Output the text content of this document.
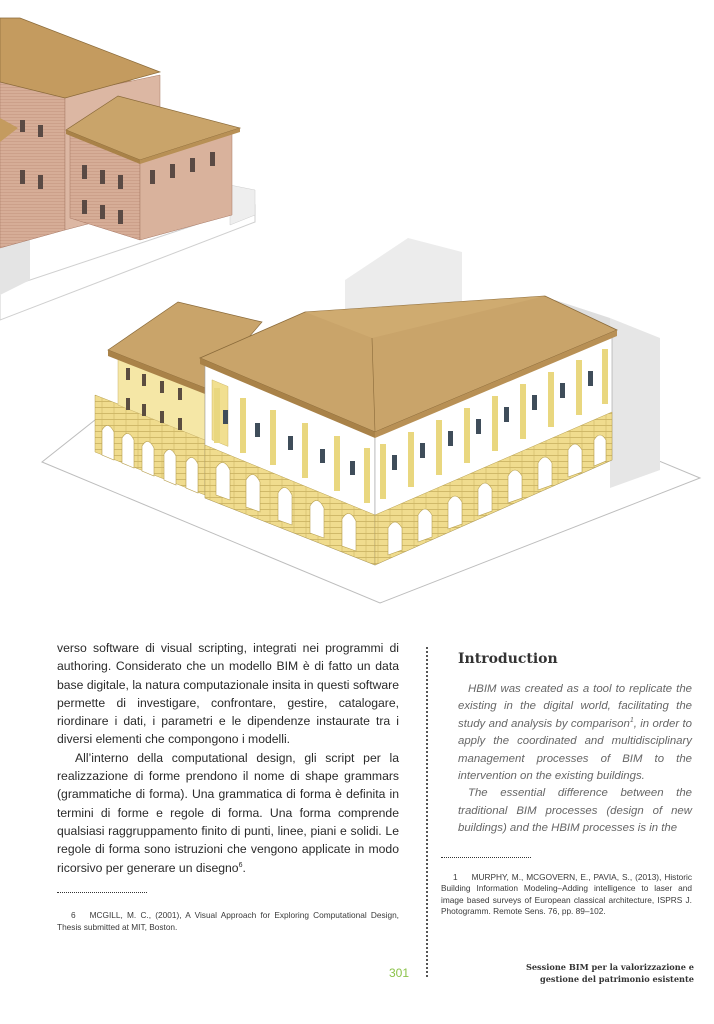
verso software di visual scripting, integrati nei programmi di authoring. Considerato che un modello BIM è di fatto un data base digitale, la natura computazionale insita in questi software permette di investigare, confrontare, gestire, catalogare, riordinare i dati, i parametri e le dipendenze instaurate tra i diversi elementi che compongono i modelli.

All’interno della computational design, gli script per la realizzazione di forme prendono il nome di shape grammars (grammatiche di forma). Una grammatica di forma è definita in termini di forme e regole di forma. Una forma comprende qualsiasi raggruppamento finito di punti, linee, piani e solidi. Le regole di forma sono istruzioni che vengono applicate in modo ricorsivo per generare un disegno$^6$.

6 MCGILL, M. C., (2001), A Visual Approach for Exploring Computational Design, Thesis submitted at MIT, Boston.
Introduction

HBIM was created as a tool to replicate the existing in the digital world, facilitating the study and analysis by comparison$^1$, in order to apply the coordinated and multidisciplinary management processes of BIM to the intervention on the existing buildings.

The essential difference between the traditional BIM processes (design of new buildings) and the HBIM processes is in the

1 MURPHY, M., MCGOVERN, E., PAVIA, S., (2013), Historic Building Information Modeling–Adding intelligence to laser and image based surveys of European classical architecture, ISPRS J. Photogramm. Remote Sens. 76, pp. 89–102.
301	Sessione BIM per la valorizzazione e
gestione del patrimonio esistente
